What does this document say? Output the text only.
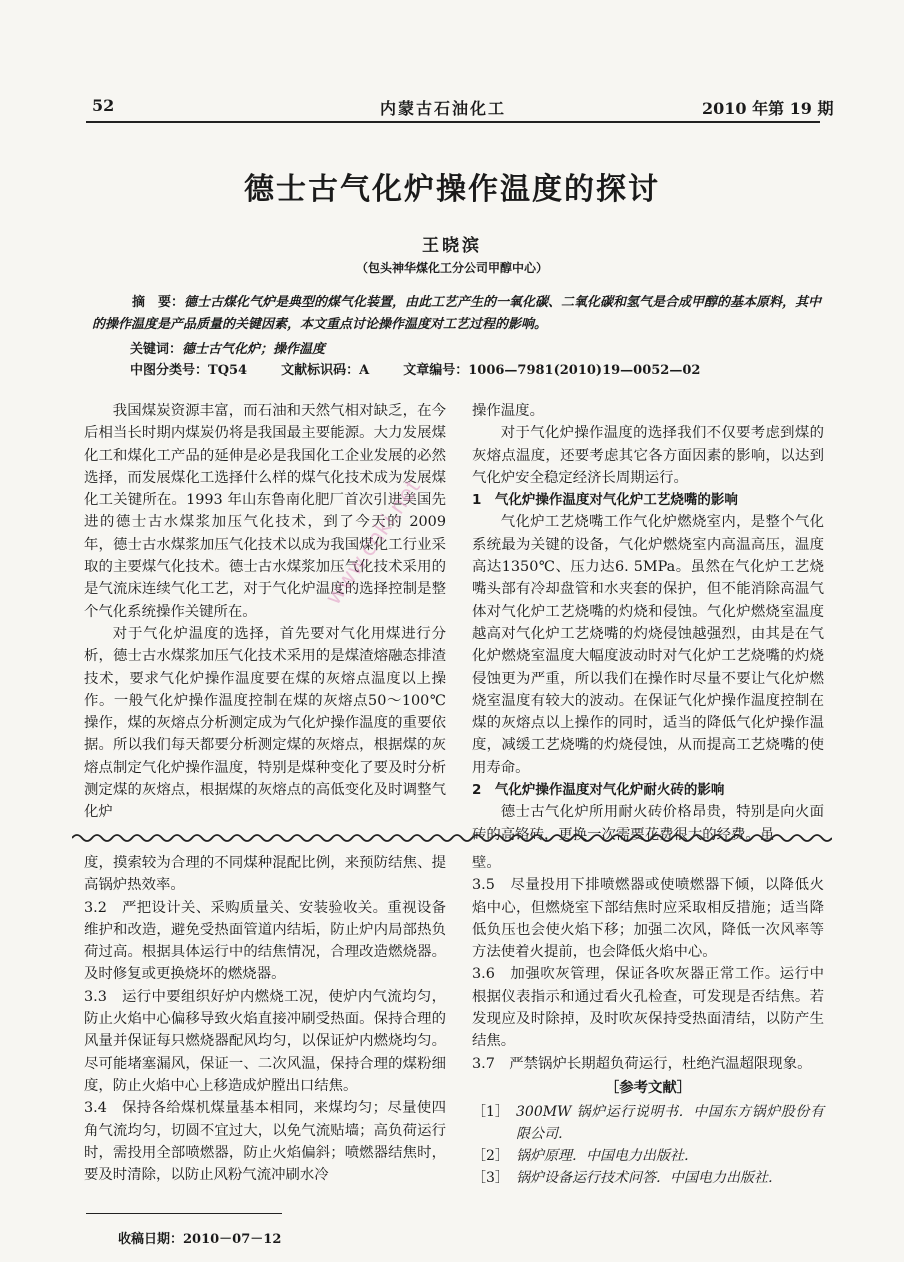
52	内蒙古石油化工	2010 年第 19 期
德士古气化炉操作温度的探讨
王晓滨
（包头神华煤化工分公司甲醇中心）
摘　要：德士古煤化气炉是典型的煤气化装置，由此工艺产生的一氧化碳、二氧化碳和氢气是合成甲醇的基本原料，其中的操作温度是产品质量的关键因素，本文重点讨论操作温度对工艺过程的影响。
关键词：德士古气化炉；操作温度
中图分类号：TQ54	文献标识码：A	文章编号：1006—7981(2010)19—0052—02

我国煤炭资源丰富，而石油和天然气相对缺乏，在今后相当长时期内煤炭仍将是我国最主要能源。大力发展煤化工和煤化工产品的延伸是必是我国化工企业发展的必然选择，而发展煤化工选择什么样的煤气化技术成为发展煤化工关键所在。1993 年山东鲁南化肥厂首次引进美国先进的德士古水煤浆加压气化技术，到了今天的 2009 年，德士古水煤浆加压气化技术以成为我国煤化工行业采取的主要煤气化技术。德士古水煤浆加压气化技术采用的是气流床连续气化工艺，对于气化炉温度的选择控制是整个气化系统操作关键所在。

对于气化炉温度的选择，首先要对气化用煤进行分析，德士古水煤浆加压气化技术采用的是煤渣熔融态排渣技术，要求气化炉操作温度要在煤的灰熔点温度以上操作。一般气化炉操作温度控制在煤的灰熔点50～100℃操作，煤的灰熔点分析测定成为气化炉操作温度的重要依据。所以我们每天都要分析测定煤的灰熔点，根据煤的灰熔点制定气化炉操作温度，特别是煤种变化了要及时分析测定煤的灰熔点，根据煤的灰熔点的高低变化及时调整气化炉

操作温度。

对于气化炉操作温度的选择我们不仅要考虑到煤的灰熔点温度，还要考虑其它各方面因素的影响，以达到气化炉安全稳定经济长周期运行。

1　气化炉操作温度对气化炉工艺烧嘴的影响

气化炉工艺烧嘴工作气化炉燃烧室内，是整个气化系统最为关键的设备，气化炉燃烧室内高温高压，温度高达1350℃、压力达6. 5MPa。虽然在气化炉工艺烧嘴头部有冷却盘管和水夹套的保护，但不能消除高温气体对气化炉工艺烧嘴的灼烧和侵蚀。气化炉燃烧室温度越高对气化炉工艺烧嘴的灼烧侵蚀越强烈，由其是在气化炉燃烧室温度大幅度波动时对气化炉工艺烧嘴的灼烧侵蚀更为严重，所以我们在操作时尽量不要让气化炉燃烧室温度有较大的波动。在保证气化炉操作温度控制在煤的灰熔点以上操作的同时，适当的降低气化炉操作温度，减缓工艺烧嘴的灼烧侵蚀，从而提高工艺烧嘴的使用寿命。

2　气化炉操作温度对气化炉耐火砖的影响

德士古气化炉所用耐火砖价格昂贵，特别是向火面砖的高铬砖，更换一次需要花费很大的经费。虽

度，摸索较为合理的不同煤种混配比例，来预防结焦、提高锅炉热效率。

3.2　严把设计关、采购质量关、安装验收关。重视设备维护和改造，避免受热面管道内结垢，防止炉内局部热负荷过高。根据具体运行中的结焦情况，合理改造燃烧器。及时修复或更换烧坏的燃烧器。

3.3　运行中要组织好炉内燃烧工况，使炉内气流均匀，防止火焰中心偏移导致火焰直接冲刷受热面。保持合理的风量并保证每只燃烧器配风均匀，以保证炉内燃烧均匀。尽可能堵塞漏风，保证一、二次风温，保持合理的煤粉细度，防止火焰中心上移造成炉膛出口结焦。

3.4　保持各给煤机煤量基本相同，来煤均匀；尽量使四角气流均匀，切圆不宜过大，以免气流贴墙；高负荷运行时，需投用全部喷燃器，防止火焰偏斜；喷燃器结焦时，要及时清除，以防止风粉气流冲刷水冷

壁。

3.5　尽量投用下排喷燃器或使喷燃器下倾，以降低火焰中心，但燃烧室下部结焦时应采取相反措施；适当降低负压也会使火焰下移；加强二次风，降低一次风率等方法使着火提前，也会降低火焰中心。

3.6　加强吹灰管理，保证各吹灰器正常工作。运行中根据仪表指示和通过看火孔检查，可发现是否结焦。若发现应及时除掉，及时吹灰保持受热面清结，以防产生结焦。

3.7　严禁锅炉长期超负荷运行，杜绝汽温超限现象。

［参考文献］
［1］ 300MW 锅炉运行说明书．中国东方锅炉股份有限公司．
［2］ 锅炉原理．中国电力出版社．
［3］ 锅炉设备运行技术问答．中国电力出版社．
www.cnki.net
收稿日期：2010－07－12
